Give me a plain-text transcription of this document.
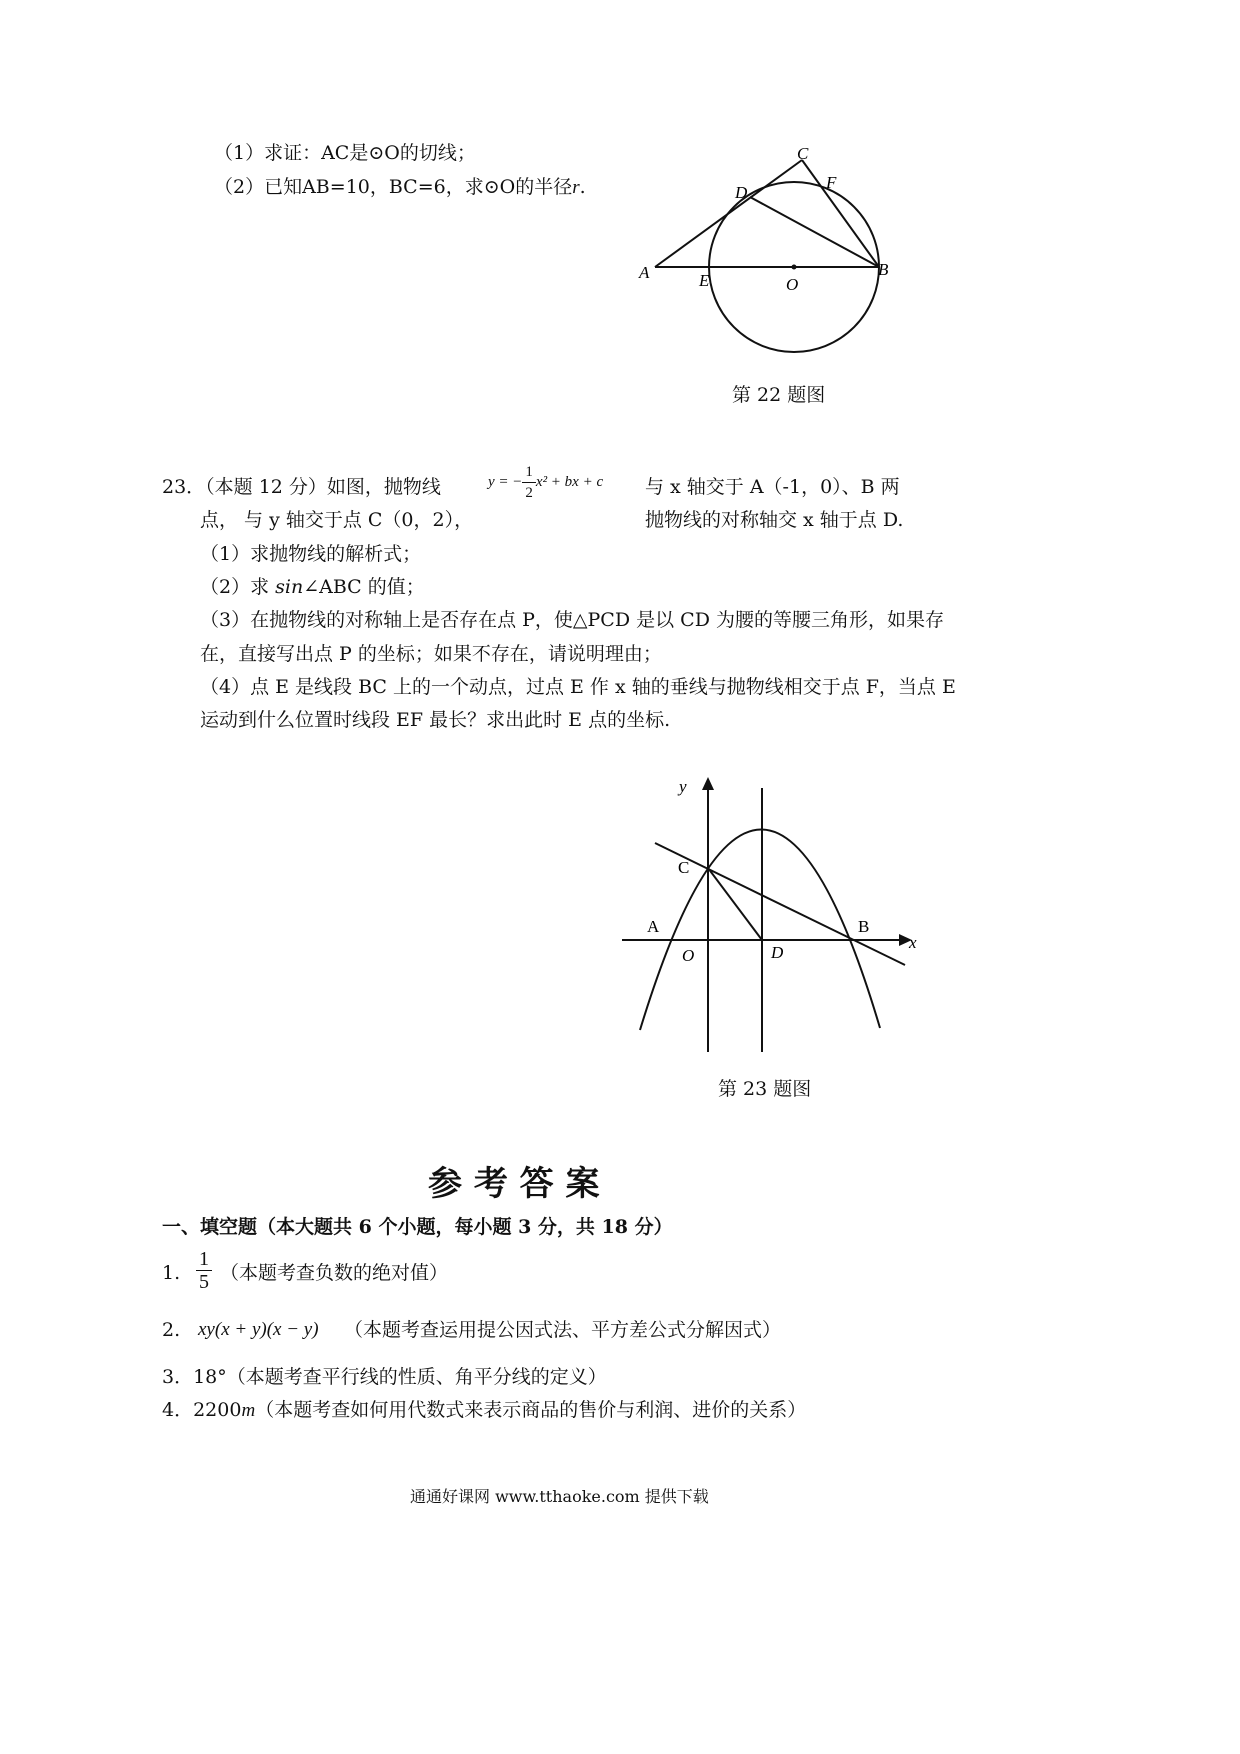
（1）求证：AC是⊙O的切线；
（2）已知AB=10，BC=6，求⊙O的半径r.
C
F
D
A	E	O
B
第 22 题图
23．（本题 12 分）如图，抛物线	y = − $\frac{1}{2} x^2$ + bx + c 与 x 轴交于 A（-1，0）、B 两
点， 与 y 轴交于点 C（0，2），	抛物线的对称轴交 x 轴于点 D.
（1）求抛物线的解析式；
（2）求 sin∠ABC 的值；
（3）在抛物线的对称轴上是否存在点 P，使△PCD 是以 CD 为腰的等腰三角形，如果存
在，直接写出点 P 的坐标；如果不存在，请说明理由；
（4）点 E 是线段 BC 上的一个动点，过点 E 作 x 轴的垂线与抛物线相交于点 F，当点 E
运动到什么位置时线段 EF 最长？求出此时 E 点的坐标.
y
x
C
A	B
O	D
第 23 题图
参 考 答 案
一、填空题（本大题共 6 个小题，每小题 3 分，共 18 分）
1. $\frac{1}{5}$ （本题考查负数的绝对值）
2. xy(x + y)(x − y) （本题考查运用提公因式法、平方差公式分解因式）
3．18°（本题考查平行线的性质、角平分线的定义）
4．2200m（本题考查如何用代数式来表示商品的售价与利润、进价的关系）
通通好课网 www.tthaoke.com 提供下载
